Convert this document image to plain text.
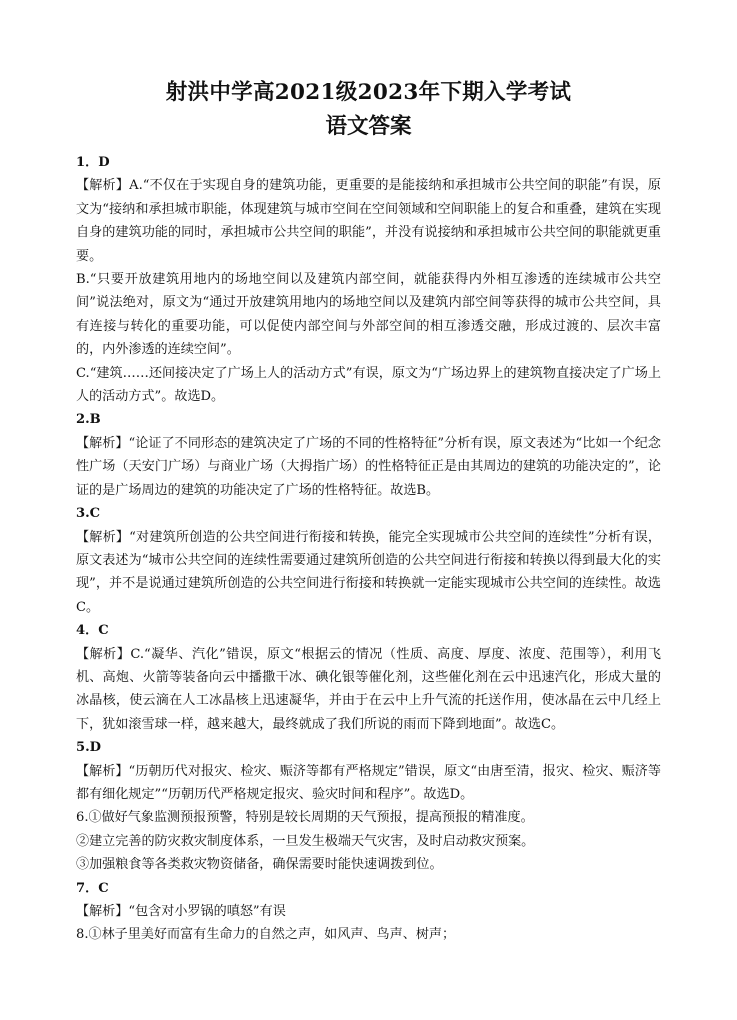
射洪中学高2021级2023年下期入学考试
语文答案
1．D
【解析】A.“不仅在于实现自身的建筑功能，更重要的是能接纳和承担城市公共空间的职能”有误，原文为“接纳和承担城市职能，体现建筑与城市空间在空间领域和空间职能上的复合和重叠，建筑在实现自身的建筑功能的同时，承担城市公共空间的职能”，并没有说接纳和承担城市公共空间的职能就更重要。
B.“只要开放建筑用地内的场地空间以及建筑内部空间，就能获得内外相互渗透的连续城市公共空间”说法绝对，原文为“通过开放建筑用地内的场地空间以及建筑内部空间等获得的城市公共空间，具有连接与转化的重要功能，可以促使内部空间与外部空间的相互渗透交融，形成过渡的、层次丰富的，内外渗透的连续空间”。
C.“建筑……还间接决定了广场上人的活动方式”有误，原文为“广场边界上的建筑物直接决定了广场上人的活动方式”。故选D。
2.B
【解析】“论证了不同形态的建筑决定了广场的不同的性格特征”分析有误，原文表述为“比如一个纪念性广场（天安门广场）与商业广场（大拇指广场）的性格特征正是由其周边的建筑的功能决定的”，论证的是广场周边的建筑的功能决定了广场的性格特征。故选B。
3.C
【解析】“对建筑所创造的公共空间进行衔接和转换，能完全实现城市公共空间的连续性”分析有误，原文表述为“城市公共空间的连续性需要通过建筑所创造的公共空间进行衔接和转换以得到最大化的实现”，并不是说通过建筑所创造的公共空间进行衔接和转换就一定能实现城市公共空间的连续性。故选C。
4．C
【解析】C.“凝华、汽化”错误，原文“根据云的情况（性质、高度、厚度、浓度、范围等），利用飞机、高炮、火箭等装备向云中播撒干冰、碘化银等催化剂，这些催化剂在云中迅速汽化，形成大量的冰晶核，使云滴在人工冰晶核上迅速凝华，并由于在云中上升气流的托送作用，使冰晶在云中几经上下，犹如滚雪球一样，越来越大，最终就成了我们所说的雨而下降到地面”。故选C。
5.D
【解析】“历朝历代对报灾、检灾、赈济等都有严格规定”错误，原文“由唐至清，报灾、检灾、赈济等都有细化规定”“历朝历代严格规定报灾、验灾时间和程序”。故选D。
6.①做好气象监测预报预警，特别是较长周期的天气预报，提高预报的精准度。
②建立完善的防灾救灾制度体系，一旦发生极端天气灾害，及时启动救灾预案。
③加强粮食等各类救灾物资储备，确保需要时能快速调拨到位。
7．C
【解析】“包含对小罗锅的嗔怒”有误
8.①林子里美好而富有生命力的自然之声，如风声、鸟声、树声；
